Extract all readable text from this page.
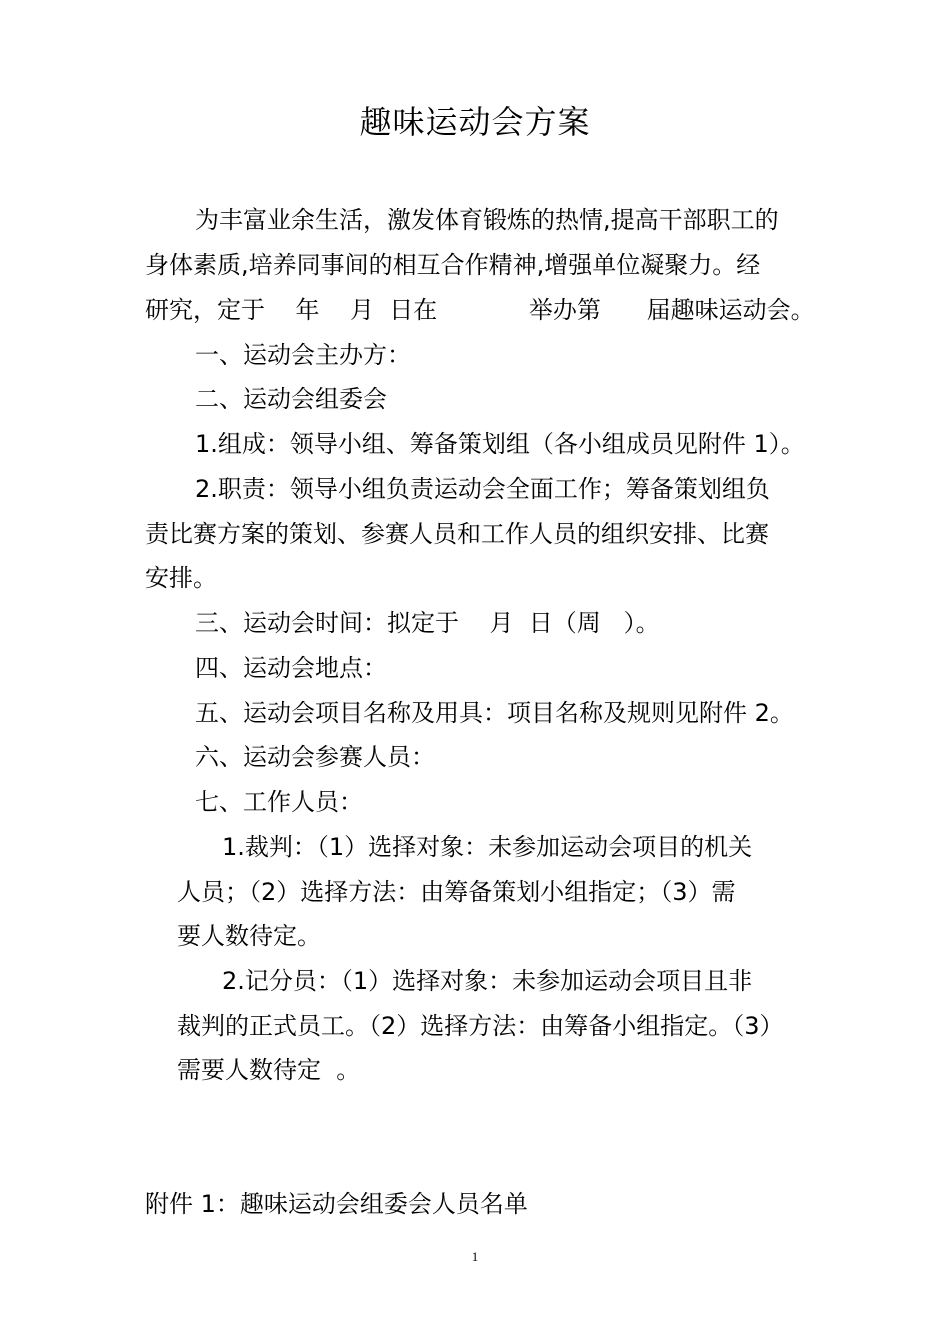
趣味运动会方案
为丰富业余生活，激发体育锻炼的热情,提高干部职工的
身体素质,培养同事间的相互合作精神,增强单位凝聚力。经
研究，定于    年    月  日在            举办第      届趣味运动会。
一、运动会主办方：
二、运动会组委会
1.组成：领导小组、筹备策划组（各小组成员见附件 1）。
2.职责：领导小组负责运动会全面工作；筹备策划组负
责比赛方案的策划、参赛人员和工作人员的组织安排、比赛
安排。
三、运动会时间：拟定于    月  日（周   ）。
四、运动会地点：
五、运动会项目名称及用具：项目名称及规则见附件 2。
六、运动会参赛人员：
七、工作人员：
1.裁判：（1）选择对象：未参加运动会项目的机关
人员；（2）选择方法：由筹备策划小组指定；（3）需
要人数待定。
2.记分员：（1）选择对象：未参加运动会项目且非
裁判的正式员工。（2）选择方法：由筹备小组指定。（3）
需要人数待定  。
附件 1：趣味运动会组委会人员名单
1
